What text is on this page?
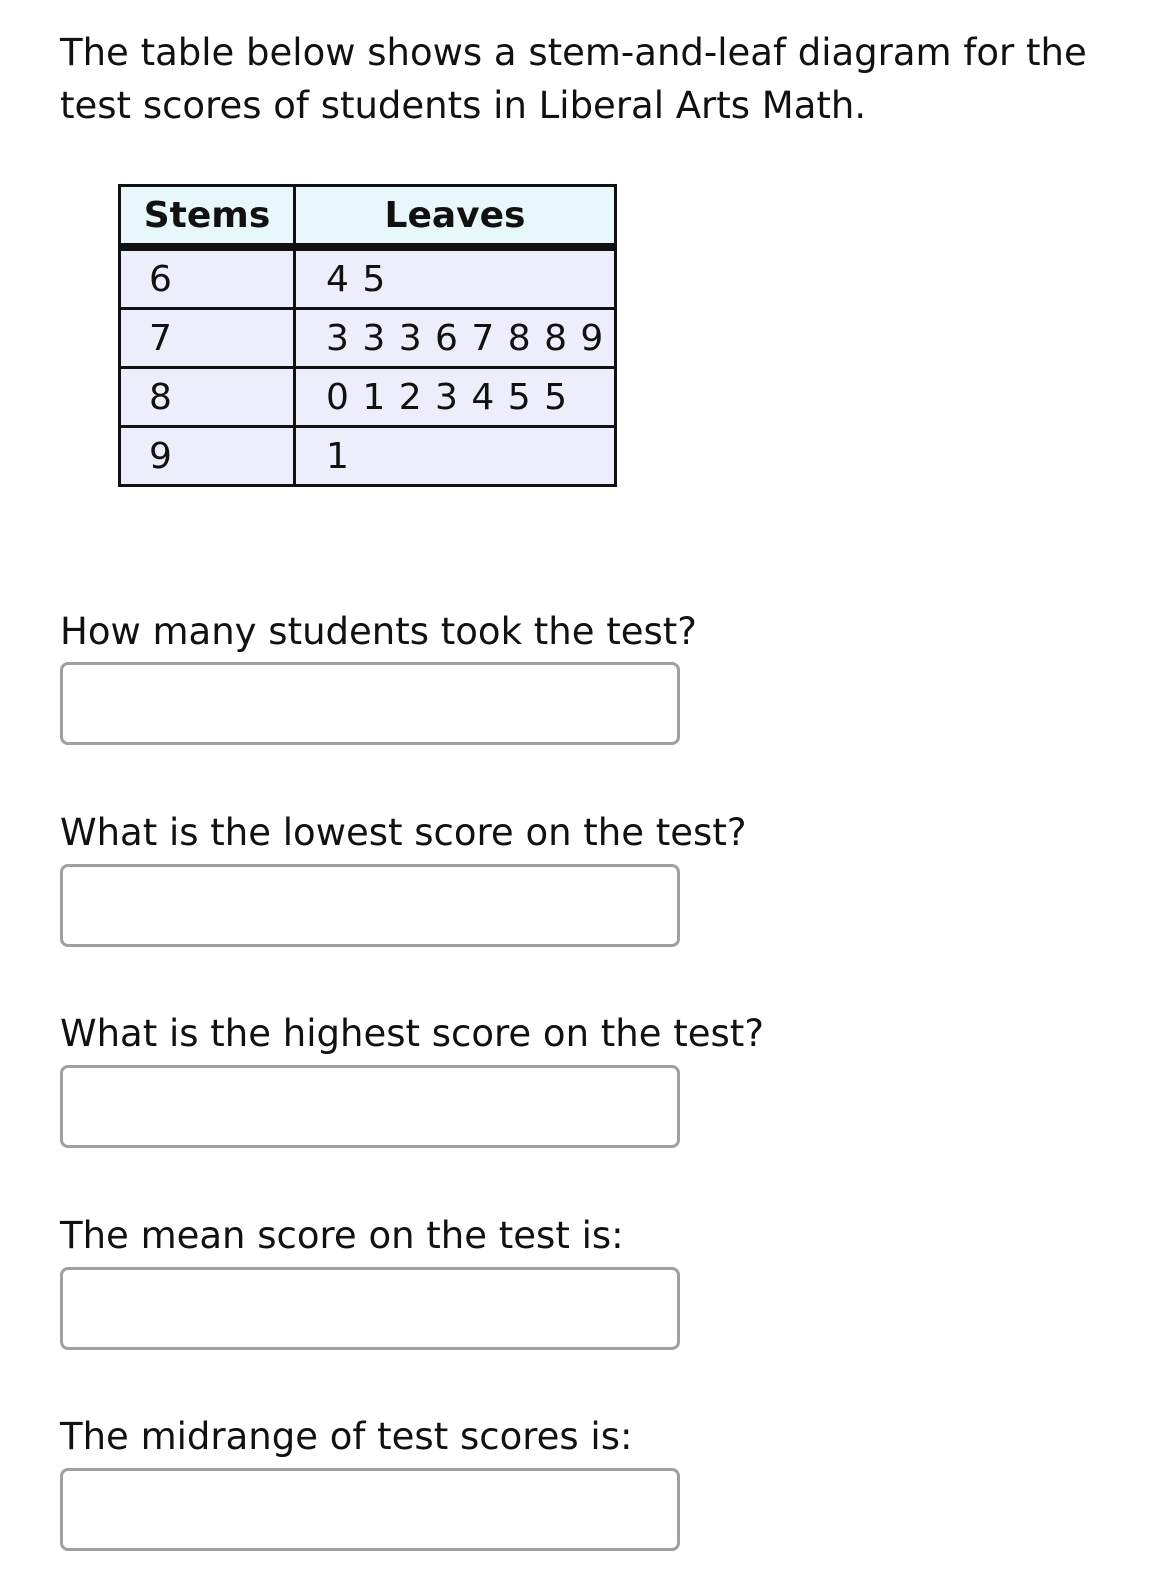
The table below shows a stem-and-leaf diagram for the test scores of students in Liberal Arts Math.

Stems	Leaves
6	4 5
7	3 3 3 6 7 8 8 9
8	0 1 2 3 4 5 5
9	1

How many students took the test?

What is the lowest score on the test?

What is the highest score on the test?

The mean score on the test is:

The midrange of test scores is:
